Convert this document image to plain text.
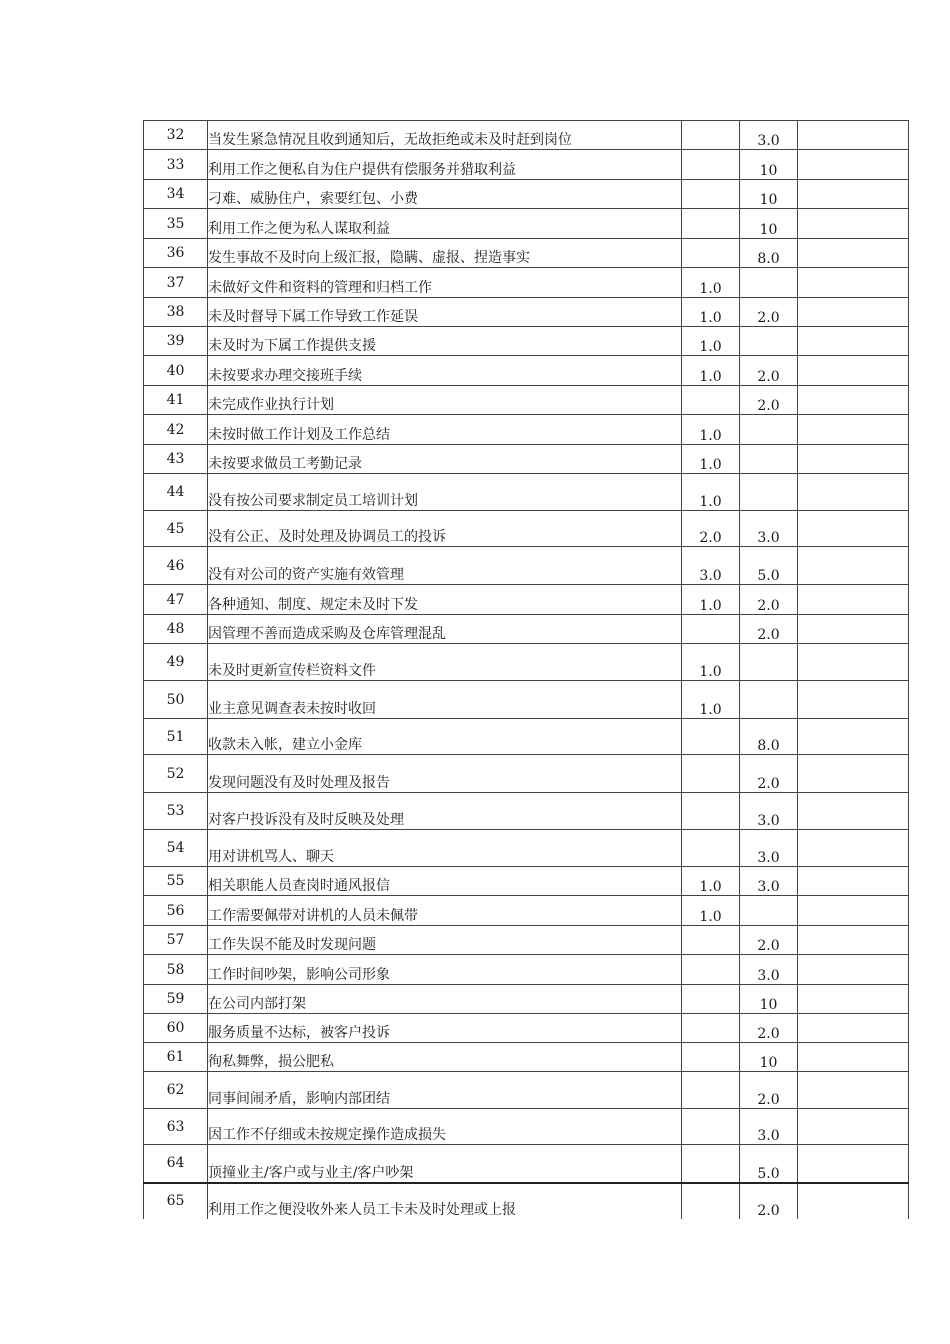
32	当发生紧急情况且收到通知后，无故拒绝或未及时赶到岗位		3.0	
33	利用工作之便私自为住户提供有偿服务并猎取利益		10	
34	刁难、威胁住户，索要红包、小费		10	
35	利用工作之便为私人谋取利益		10	
36	发生事故不及时向上级汇报，隐瞒、虚报、捏造事实		8.0	
37	未做好文件和资料的管理和归档工作	1.0		
38	未及时督导下属工作导致工作延误	1.0	2.0	
39	未及时为下属工作提供支援	1.0		
40	未按要求办理交接班手续	1.0	2.0	
41	未完成作业执行计划		2.0	
42	未按时做工作计划及工作总结	1.0		
43	未按要求做员工考勤记录	1.0		
44	没有按公司要求制定员工培训计划	1.0		
45	没有公正、及时处理及协调员工的投诉	2.0	3.0	
46	没有对公司的资产实施有效管理	3.0	5.0	
47	各种通知、制度、规定未及时下发	1.0	2.0	
48	因管理不善而造成采购及仓库管理混乱		2.0	
49	未及时更新宣传栏资料文件	1.0		
50	业主意见调查表未按时收回	1.0		
51	收款未入帐，建立小金库		8.0	
52	发现问题没有及时处理及报告		2.0	
53	对客户投诉没有及时反映及处理		3.0	
54	用对讲机骂人、聊天		3.0	
55	相关职能人员查岗时通风报信	1.0	3.0	
56	工作需要佩带对讲机的人员未佩带	1.0		
57	工作失误不能及时发现问题		2.0	
58	工作时间吵架，影响公司形象		3.0	
59	在公司内部打架		10	
60	服务质量不达标，被客户投诉		2.0	
61	徇私舞弊，损公肥私		10	
62	同事间闹矛盾，影响内部团结		2.0	
63	因工作不仔细或未按规定操作造成损失		3.0	
64	顶撞业主/客户或与业主/客户吵架		5.0	
65	利用工作之便没收外来人员工卡未及时处理或上报		2.0	
